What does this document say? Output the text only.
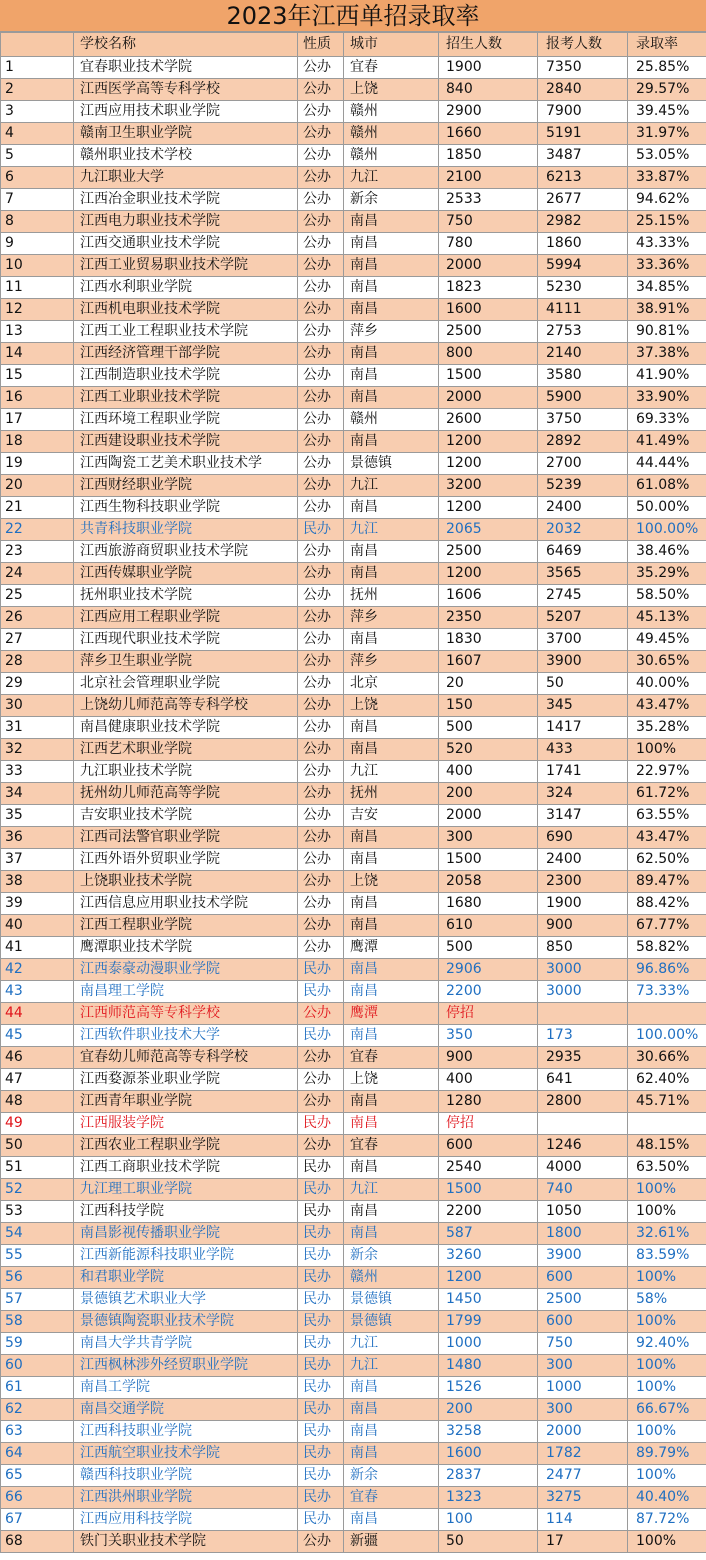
2023年江西单招录取率
	学校名称	性质	城市	招生人数	报考人数	录取率
1	宜春职业技术学院	公办	宜春	1900	7350	25.85%
2	江西医学高等专科学校	公办	上饶	840	2840	29.57%
3	江西应用技术职业学院	公办	赣州	2900	7900	39.45%
4	赣南卫生职业学院	公办	赣州	1660	5191	31.97%
5	赣州职业技术学校	公办	赣州	1850	3487	53.05%
6	九江职业大学	公办	九江	2100	6213	33.87%
7	江西冶金职业技术学院	公办	新余	2533	2677	94.62%
8	江西电力职业技术学院	公办	南昌	750	2982	25.15%
9	江西交通职业技术学院	公办	南昌	780	1860	43.33%
10	江西工业贸易职业技术学院	公办	南昌	2000	5994	33.36%
11	江西水利职业学院	公办	南昌	1823	5230	34.85%
12	江西机电职业技术学院	公办	南昌	1600	4111	38.91%
13	江西工业工程职业技术学院	公办	萍乡	2500	2753	90.81%
14	江西经济管理干部学院	公办	南昌	800	2140	37.38%
15	江西制造职业技术学院	公办	南昌	1500	3580	41.90%
16	江西工业职业技术学院	公办	南昌	2000	5900	33.90%
17	江西环境工程职业学院	公办	赣州	2600	3750	69.33%
18	江西建设职业技术学院	公办	南昌	1200	2892	41.49%
19	江西陶瓷工艺美术职业技术学	公办	景德镇	1200	2700	44.44%
20	江西财经职业学院	公办	九江	3200	5239	61.08%
21	江西生物科技职业学院	公办	南昌	1200	2400	50.00%
22	共青科技职业学院	民办	九江	2065	2032	100.00%
23	江西旅游商贸职业技术学院	公办	南昌	2500	6469	38.46%
24	江西传媒职业学院	公办	南昌	1200	3565	35.29%
25	抚州职业技术学院	公办	抚州	1606	2745	58.50%
26	江西应用工程职业学院	公办	萍乡	2350	5207	45.13%
27	江西现代职业技术学院	公办	南昌	1830	3700	49.45%
28	萍乡卫生职业学院	公办	萍乡	1607	3900	30.65%
29	北京社会管理职业学院	公办	北京	20	50	40.00%
30	上饶幼儿师范高等专科学校	公办	上饶	150	345	43.47%
31	南昌健康职业技术学院	公办	南昌	500	1417	35.28%
32	江西艺术职业学院	公办	南昌	520	433	100%
33	九江职业技术学院	公办	九江	400	1741	22.97%
34	抚州幼儿师范高等学院	公办	抚州	200	324	61.72%
35	吉安职业技术学院	公办	吉安	2000	3147	63.55%
36	江西司法警官职业学院	公办	南昌	300	690	43.47%
37	江西外语外贸职业学院	公办	南昌	1500	2400	62.50%
38	上饶职业技术学院	公办	上饶	2058	2300	89.47%
39	江西信息应用职业技术学院	公办	南昌	1680	1900	88.42%
40	江西工程职业学院	公办	南昌	610	900	67.77%
41	鹰潭职业技术学院	公办	鹰潭	500	850	58.82%
42	江西泰豪动漫职业学院	民办	南昌	2906	3000	96.86%
43	南昌理工学院	民办	南昌	2200	3000	73.33%
44	江西师范高等专科学校	公办	鹰潭	停招		
45	江西软件职业技术大学	民办	南昌	350	173	100.00%
46	宜春幼儿师范高等专科学校	公办	宜春	900	2935	30.66%
47	江西婺源茶业职业学院	公办	上饶	400	641	62.40%
48	江西青年职业学院	公办	南昌	1280	2800	45.71%
49	江西服装学院	民办	南昌	停招		
50	江西农业工程职业学院	公办	宜春	600	1246	48.15%
51	江西工商职业技术学院	民办	南昌	2540	4000	63.50%
52	九江理工职业学院	民办	九江	1500	740	100%
53	江西科技学院	民办	南昌	2200	1050	100%
54	南昌影视传播职业学院	民办	南昌	587	1800	32.61%
55	江西新能源科技职业学院	民办	新余	3260	3900	83.59%
56	和君职业学院	民办	赣州	1200	600	100%
57	景德镇艺术职业大学	民办	景德镇	1450	2500	58%
58	景德镇陶瓷职业技术学院	民办	景德镇	1799	600	100%
59	南昌大学共青学院	民办	九江	1000	750	92.40%
60	江西枫林涉外经贸职业学院	民办	九江	1480	300	100%
61	南昌工学院	民办	南昌	1526	1000	100%
62	南昌交通学院	民办	南昌	200	300	66.67%
63	江西科技职业学院	民办	南昌	3258	2000	100%
64	江西航空职业技术学院	民办	南昌	1600	1782	89.79%
65	赣西科技职业学院	民办	新余	2837	2477	100%
66	江西洪州职业学院	民办	宜春	1323	3275	40.40%
67	江西应用科技学院	民办	南昌	100	114	87.72%
68	铁门关职业技术学院	公办	新疆	50	17	100%
